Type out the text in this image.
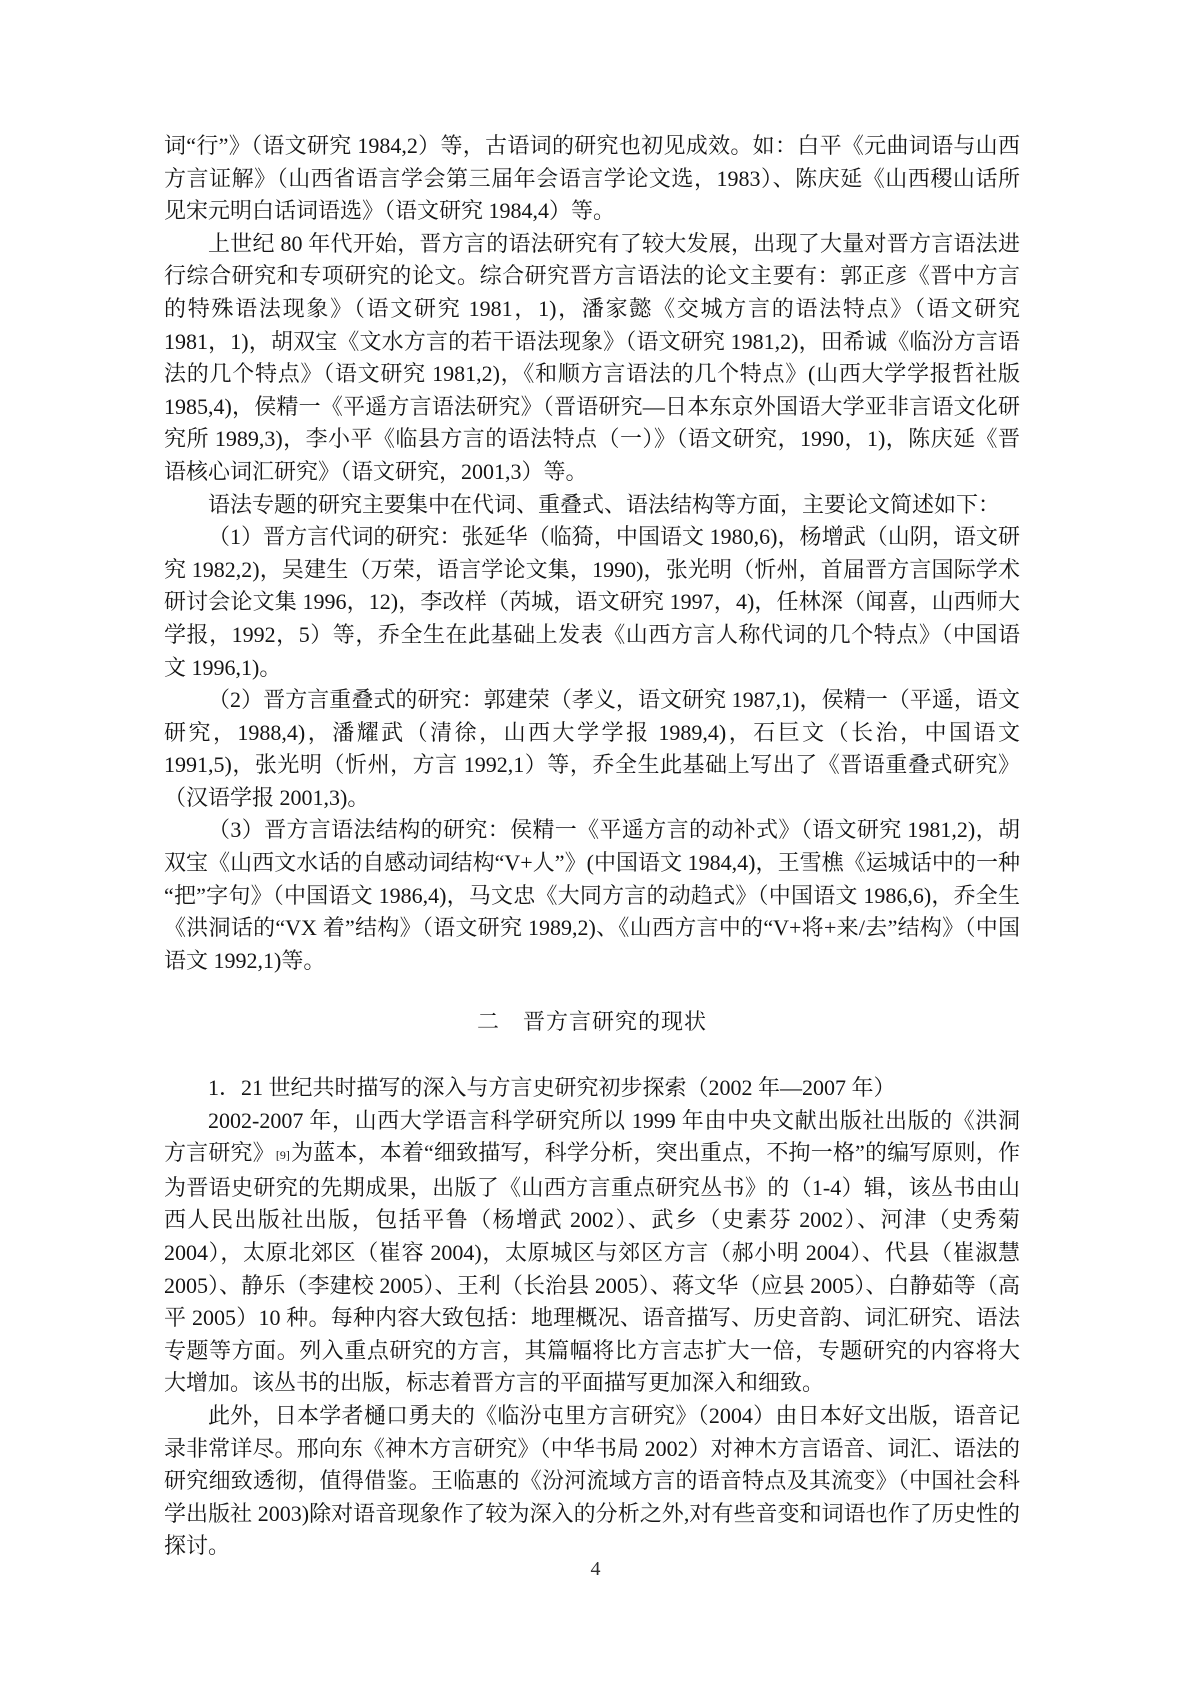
词“行”》（语文研究 1984,2）等，古语词的研究也初见成效。如：白平《元曲词语与山西方言证解》（山西省语言学会第三届年会语言学论文选，1983）、陈庆延《山西稷山话所见宋元明白话词语选》（语文研究 1984,4）等。

上世纪 80 年代开始，晋方言的语法研究有了较大发展，出现了大量对晋方言语法进行综合研究和专项研究的论文。综合研究晋方言语法的论文主要有：郭正彦《晋中方言的特殊语法现象》（语文研究 1981，1)，潘家懿《交城方言的语法特点》（语文研究 1981，1)，胡双宝《文水方言的若干语法现象》（语文研究 1981,2)，田希诚《临汾方言语法的几个特点》（语文研究 1981,2)，《和顺方言语法的几个特点》(山西大学学报哲社版 1985,4)，侯精一《平遥方言语法研究》（晋语研究—日本东京外国语大学亚非言语文化研究所 1989,3)，李小平《临县方言的语法特点（一）》（语文研究，1990，1)，陈庆延《晋语核心词汇研究》（语文研究，2001,3）等。

语法专题的研究主要集中在代词、重叠式、语法结构等方面，主要论文简述如下：

（1）晋方言代词的研究：张延华（临猗，中国语文 1980,6)，杨增武（山阴，语文研究 1982,2)，吴建生（万荣，语言学论文集，1990)，张光明（忻州，首届晋方言国际学术研讨会论文集 1996，12)，李改样（芮城，语文研究 1997，4)，任林深（闻喜，山西师大学报，1992，5）等，乔全生在此基础上发表《山西方言人称代词的几个特点》（中国语文 1996,1)。

（2）晋方言重叠式的研究：郭建荣（孝义，语文研究 1987,1)，侯精一（平遥，语文研究，1988,4)，潘耀武（清徐，山西大学学报 1989,4)，石巨文（长治，中国语文 1991,5)，张光明（忻州，方言 1992,1）等，乔全生此基础上写出了《晋语重叠式研究》（汉语学报 2001,3)。

（3）晋方言语法结构的研究：侯精一《平遥方言的动补式》（语文研究 1981,2)，胡双宝《山西文水话的自感动词结构“V+人”》(中国语文 1984,4)，王雪樵《运城话中的一种“把”字句》（中国语文 1986,4)，马文忠《大同方言的动趋式》（中国语文 1986,6)，乔全生《洪洞话的“VX 着”结构》（语文研究 1989,2)、《山西方言中的“V+将+来/去”结构》（中国语文 1992,1)等。

二　晋方言研究的现状

1．21 世纪共时描写的深入与方言史研究初步探索（2002 年—2007 年）

2002-2007 年，山西大学语言科学研究所以 1999 年由中央文献出版社出版的《洪洞方言研究》[9]为蓝本，本着“细致描写，科学分析，突出重点，不拘一格”的编写原则，作为晋语史研究的先期成果，出版了《山西方言重点研究丛书》的（1-4）辑，该丛书由山西人民出版社出版，包括平鲁（杨增武 2002）、武乡（史素芬 2002）、河津（史秀菊 2004），太原北郊区（崔容 2004)，太原城区与郊区方言（郝小明 2004）、代县（崔淑慧 2005）、静乐（李建校 2005）、王利（长治县 2005）、蒋文华（应县 2005）、白静茹等（高平 2005）10 种。每种内容大致包括：地理概况、语音描写、历史音韵、词汇研究、语法专题等方面。列入重点研究的方言，其篇幅将比方言志扩大一倍，专题研究的内容将大大增加。该丛书的出版，标志着晋方言的平面描写更加深入和细致。

此外，日本学者樋口勇夫的《临汾屯里方言研究》（2004）由日本好文出版，语音记录非常详尽。邢向东《神木方言研究》（中华书局 2002）对神木方言语音、词汇、语法的研究细致透彻，值得借鉴。王临惠的《汾河流域方言的语音特点及其流变》（中国社会科学出版社 2003)除对语音现象作了较为深入的分析之外,对有些音变和词语也作了历史性的探讨。

4
